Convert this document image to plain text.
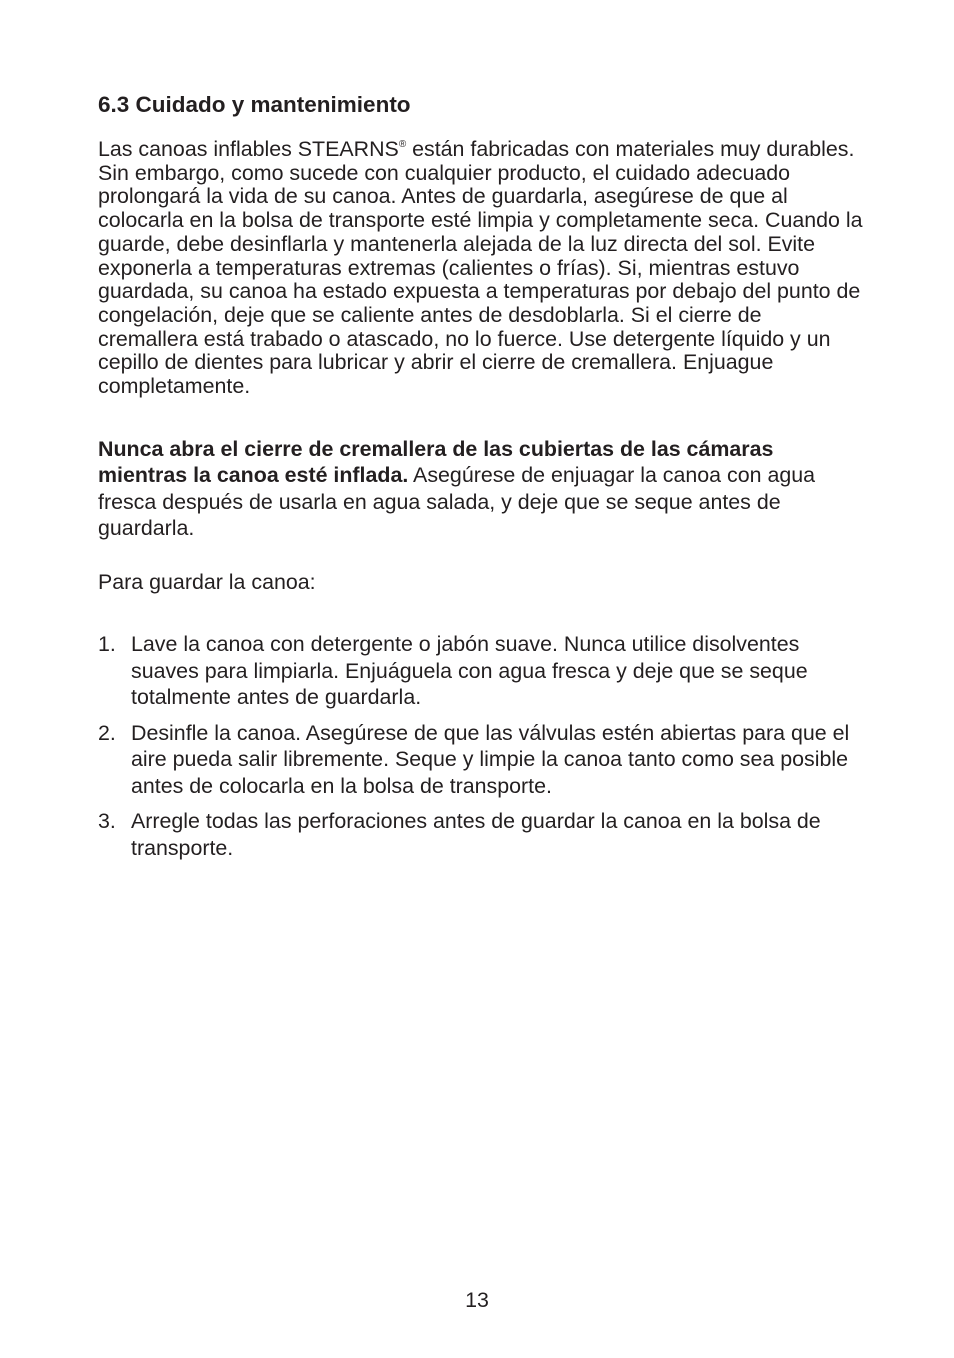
6.3 Cuidado y mantenimiento

Las canoas inflables STEARNS® están fabricadas con materiales muy durables. Sin embargo, como sucede con cualquier producto, el cuidado adecuado prolongará la vida de su canoa. Antes de guardarla, asegúrese de que al colocarla en la bolsa de transporte esté limpia y completamente seca. Cuando la guarde, debe desinflarla y mantenerla alejada de la luz directa del sol. Evite exponerla a temperaturas extremas (calientes o frías). Si, mientras estuvo guardada, su canoa ha estado expuesta a temperaturas por debajo del punto de congelación, deje que se caliente antes de desdoblarla. Si el cierre de cremallera está trabado o atascado, no lo fuerce. Use detergente líquido y un cepillo de dientes para lubricar y abrir el cierre de cremallera. Enjuague completamente.

Nunca abra el cierre de cremallera de las cubiertas de las cámaras mientras la canoa esté inflada. Asegúrese de enjuagar la canoa con agua fresca después de usarla en agua salada, y deje que se seque antes de guardarla.

Para guardar la canoa:

1. Lave la canoa con detergente o jabón suave. Nunca utilice disolventes suaves para limpiarla. Enjuáguela con agua fresca y deje que se seque totalmente antes de guardarla.
2. Desinfle la canoa. Asegúrese de que las válvulas estén abiertas para que el aire pueda salir libremente. Seque y limpie la canoa tanto como sea posible antes de colocarla en la bolsa de transporte.
3. Arregle todas las perforaciones antes de guardar la canoa en la bolsa de transporte.
13
